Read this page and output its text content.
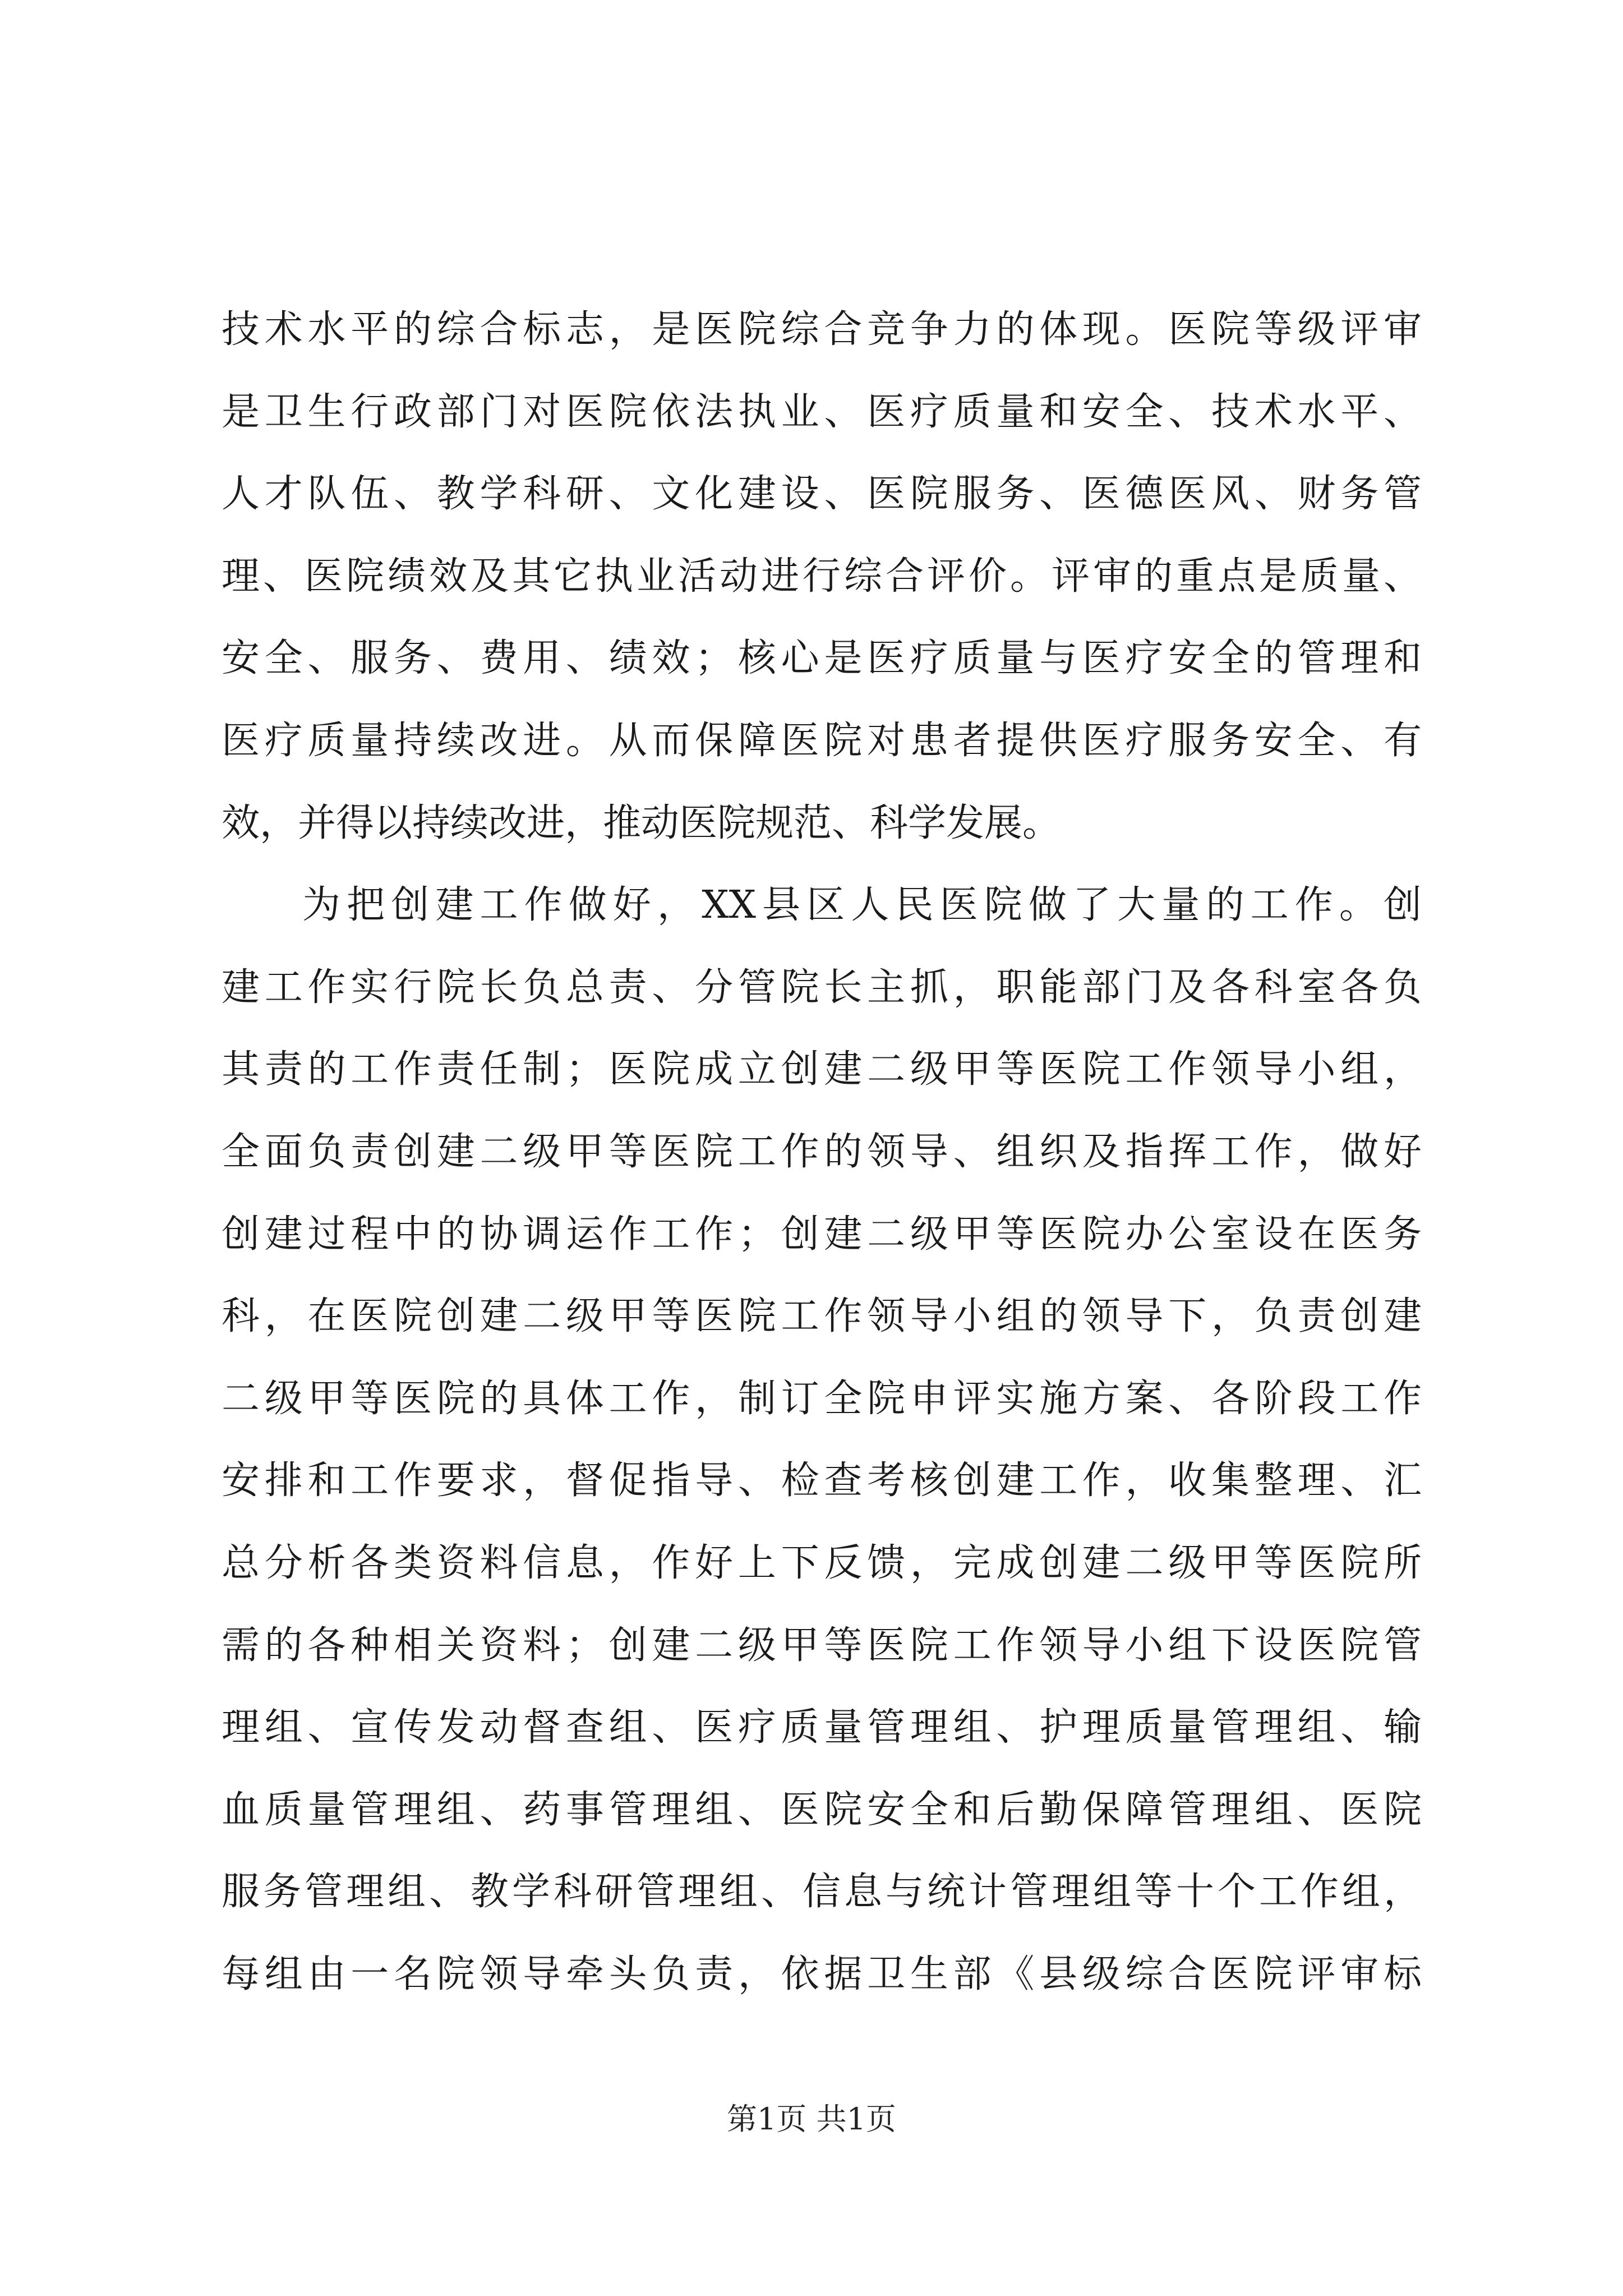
技术水平的综合标志，是医院综合竞争力的体现。医院等级评审
是卫生行政部门对医院依法执业、医疗质量和安全、技术水平、
人才队伍、教学科研、文化建设、医院服务、医德医风、财务管
理、医院绩效及其它执业活动进行综合评价。评审的重点是质量、
安全、服务、费用、绩效；核心是医疗质量与医疗安全的管理和
医疗质量持续改进。从而保障医院对患者提供医疗服务安全、有
效，并得以持续改进，推动医院规范、科学发展。
为把创建工作做好，XX县区人民医院做了大量的工作。创
建工作实行院长负总责、分管院长主抓，职能部门及各科室各负
其责的工作责任制；医院成立创建二级甲等医院工作领导小组，
全面负责创建二级甲等医院工作的领导、组织及指挥工作，做好
创建过程中的协调运作工作；创建二级甲等医院办公室设在医务
科，在医院创建二级甲等医院工作领导小组的领导下，负责创建
二级甲等医院的具体工作，制订全院申评实施方案、各阶段工作
安排和工作要求，督促指导、检查考核创建工作，收集整理、汇
总分析各类资料信息，作好上下反馈，完成创建二级甲等医院所
需的各种相关资料；创建二级甲等医院工作领导小组下设医院管
理组、宣传发动督查组、医疗质量管理组、护理质量管理组、输
血质量管理组、药事管理组、医院安全和后勤保障管理组、医院
服务管理组、教学科研管理组、信息与统计管理组等十个工作组，
每组由一名院领导牵头负责，依据卫生部《县级综合医院评审标
第1页 共1页
